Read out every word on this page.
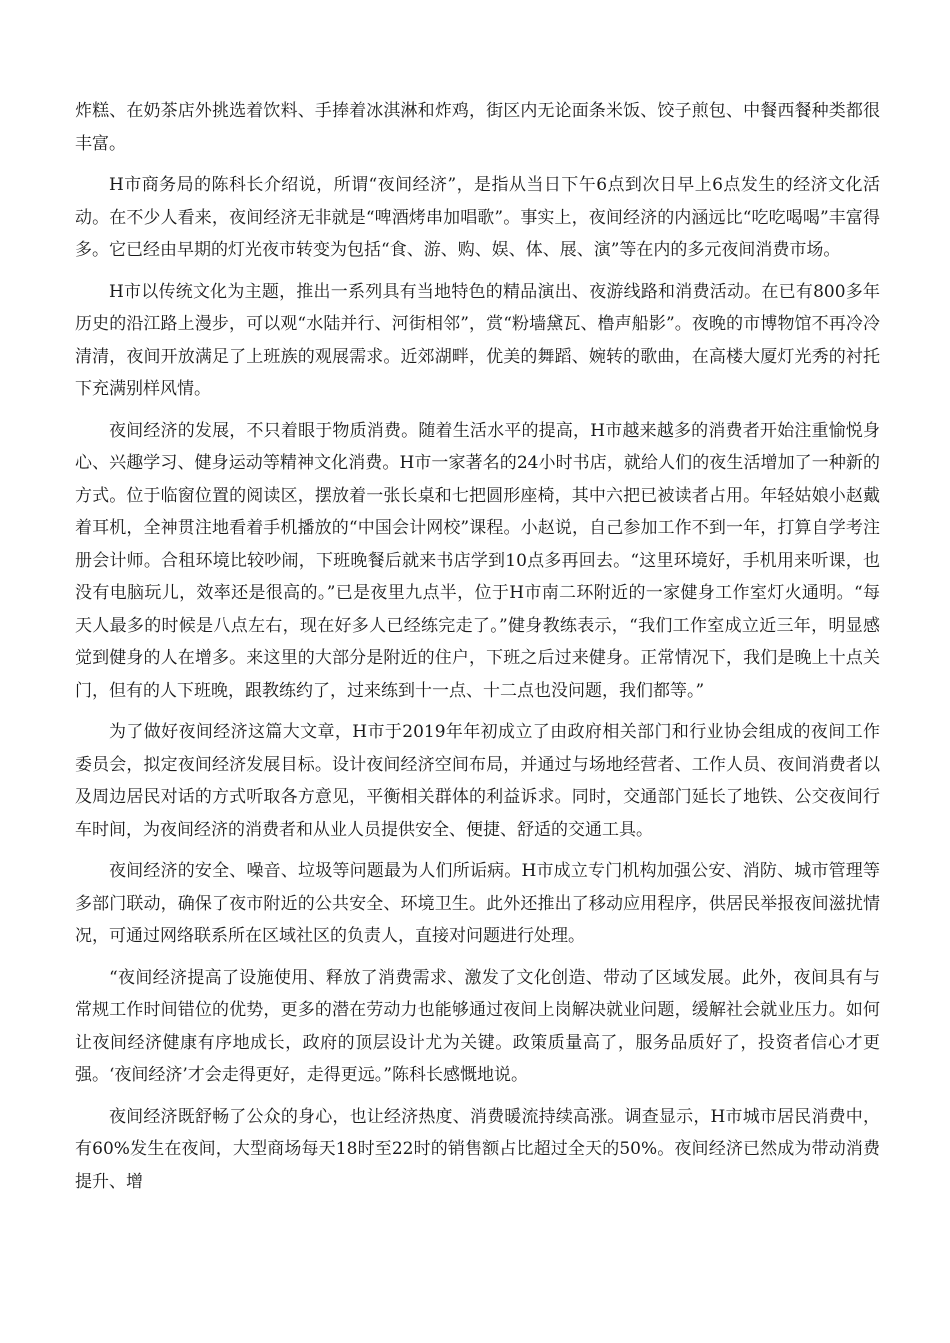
炸糕、在奶茶店外挑选着饮料、手捧着冰淇淋和炸鸡，街区内无论面条米饭、饺子煎包、中餐西餐种类都很丰富。

H市商务局的陈科长介绍说，所谓“夜间经济”，是指从当日下午6点到次日早上6点发生的经济文化活动。在不少人看来，夜间经济无非就是“啤酒烤串加唱歌”。事实上，夜间经济的内涵远比“吃吃喝喝”丰富得多。它已经由早期的灯光夜市转变为包括“食、游、购、娱、体、展、演”等在内的多元夜间消费市场。

H市以传统文化为主题，推出一系列具有当地特色的精品演出、夜游线路和消费活动。在已有800多年历史的沿江路上漫步，可以观“水陆并行、河街相邻”，赏“粉墙黛瓦、橹声船影”。夜晚的市博物馆不再冷冷清清，夜间开放满足了上班族的观展需求。近郊湖畔，优美的舞蹈、婉转的歌曲，在高楼大厦灯光秀的衬托下充满别样风情。

夜间经济的发展，不只着眼于物质消费。随着生活水平的提高，H市越来越多的消费者开始注重愉悦身心、兴趣学习、健身运动等精神文化消费。H市一家著名的24小时书店，就给人们的夜生活增加了一种新的方式。位于临窗位置的阅读区，摆放着一张长桌和七把圆形座椅，其中六把已被读者占用。年轻姑娘小赵戴着耳机，全神贯注地看着手机播放的“中国会计网校”课程。小赵说，自己参加工作不到一年，打算自学考注册会计师。合租环境比较吵闹，下班晚餐后就来书店学到10点多再回去。“这里环境好，手机用来听课，也没有电脑玩儿，效率还是很高的。”已是夜里九点半，位于H市南二环附近的一家健身工作室灯火通明。“每天人最多的时候是八点左右，现在好多人已经练完走了。”健身教练表示，“我们工作室成立近三年，明显感觉到健身的人在增多。来这里的大部分是附近的住户，下班之后过来健身。正常情况下，我们是晚上十点关门，但有的人下班晚，跟教练约了，过来练到十一点、十二点也没问题，我们都等。”

为了做好夜间经济这篇大文章，H市于2019年年初成立了由政府相关部门和行业协会组成的夜间工作委员会，拟定夜间经济发展目标。设计夜间经济空间布局，并通过与场地经营者、工作人员、夜间消费者以及周边居民对话的方式听取各方意见，平衡相关群体的利益诉求。同时，交通部门延长了地铁、公交夜间行车时间，为夜间经济的消费者和从业人员提供安全、便捷、舒适的交通工具。

夜间经济的安全、噪音、垃圾等问题最为人们所诟病。H市成立专门机构加强公安、消防、城市管理等多部门联动，确保了夜市附近的公共安全、环境卫生。此外还推出了移动应用程序，供居民举报夜间滋扰情况，可通过网络联系所在区域社区的负责人，直接对问题进行处理。

“夜间经济提高了设施使用、释放了消费需求、激发了文化创造、带动了区域发展。此外，夜间具有与常规工作时间错位的优势，更多的潜在劳动力也能够通过夜间上岗解决就业问题，缓解社会就业压力。如何让夜间经济健康有序地成长，政府的顶层设计尤为关键。政策质量高了，服务品质好了，投资者信心才更强。‘夜间经济’才会走得更好，走得更远。”陈科长感慨地说。

夜间经济既舒畅了公众的身心，也让经济热度、消费暖流持续高涨。调查显示，H市城市居民消费中，有60%发生在夜间，大型商场每天18时至22时的销售额占比超过全天的50%。夜间经济已然成为带动消费提升、增
